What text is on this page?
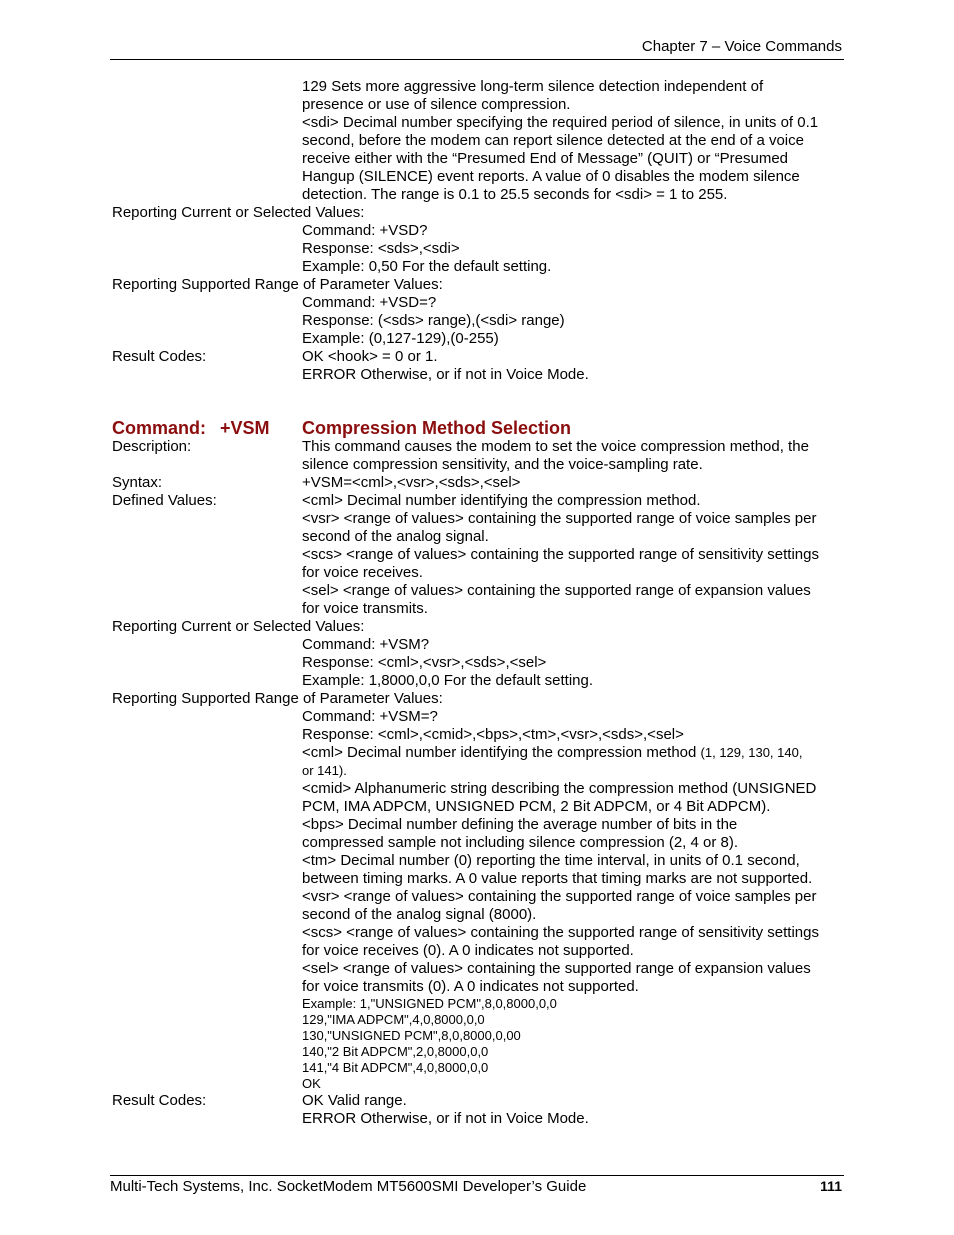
Chapter 7 – Voice Commands
129 Sets more aggressive long-term silence detection independent of
presence or use of silence compression.
<sdi> Decimal number specifying the required period of silence, in units of 0.1
second, before the modem can report silence detected at the end of a voice
receive either with the “Presumed End of Message” (QUIT) or “Presumed
Hangup (SILENCE) event reports. A value of 0 disables the modem silence
detection. The range is 0.1 to 25.5 seconds for <sdi> = 1 to 255.
Reporting Current or Selected Values:
Command: +VSD?
Response: <sds>,<sdi>
Example: 0,50 For the default setting.
Reporting Supported Range of Parameter Values:
Command: +VSD=?
Response: (<sds> range),(<sdi> range)
Example: (0,127-129),(0-255)
Result Codes:	OK <hook> = 0 or 1.
ERROR Otherwise, or if not in Voice Mode.
Command: +VSM Compression Method Selection
Description:	This command causes the modem to set the voice compression method, the
silence compression sensitivity, and the voice-sampling rate.
Syntax:	+VSM=<cml>,<vsr>,<sds>,<sel>
Defined Values:	<cml> Decimal number identifying the compression method.
<vsr> <range of values> containing the supported range of voice samples per
second of the analog signal.
<scs> <range of values> containing the supported range of sensitivity settings
for voice receives.
<sel> <range of values> containing the supported range of expansion values
for voice transmits.
Reporting Current or Selected Values:
Command: +VSM?
Response: <cml>,<vsr>,<sds>,<sel>
Example: 1,8000,0,0 For the default setting.
Reporting Supported Range of Parameter Values:
Command: +VSM=?
Response: <cml>,<cmid>,<bps>,<tm>,<vsr>,<sds>,<sel>
<cml> Decimal number identifying the compression method (1, 129, 130, 140,
or 141).
<cmid> Alphanumeric string describing the compression method (UNSIGNED
PCM, IMA ADPCM, UNSIGNED PCM, 2 Bit ADPCM, or 4 Bit ADPCM).
<bps> Decimal number defining the average number of bits in the
compressed sample not including silence compression (2, 4 or 8).
<tm> Decimal number (0) reporting the time interval, in units of 0.1 second,
between timing marks. A 0 value reports that timing marks are not supported.
<vsr> <range of values> containing the supported range of voice samples per
second of the analog signal (8000).
<scs> <range of values> containing the supported range of sensitivity settings
for voice receives (0). A 0 indicates not supported.
<sel> <range of values> containing the supported range of expansion values
for voice transmits (0). A 0 indicates not supported.
Example: 1,"UNSIGNED PCM",8,0,8000,0,0
129,"IMA ADPCM",4,0,8000,0,0
130,"UNSIGNED PCM",8,0,8000,0,00
140,"2 Bit ADPCM",2,0,8000,0,0
141,"4 Bit ADPCM",4,0,8000,0,0
OK
Result Codes:	OK Valid range.
ERROR Otherwise, or if not in Voice Mode.
Multi-Tech Systems, Inc. SocketModem MT5600SMI Developer’s Guide	111
